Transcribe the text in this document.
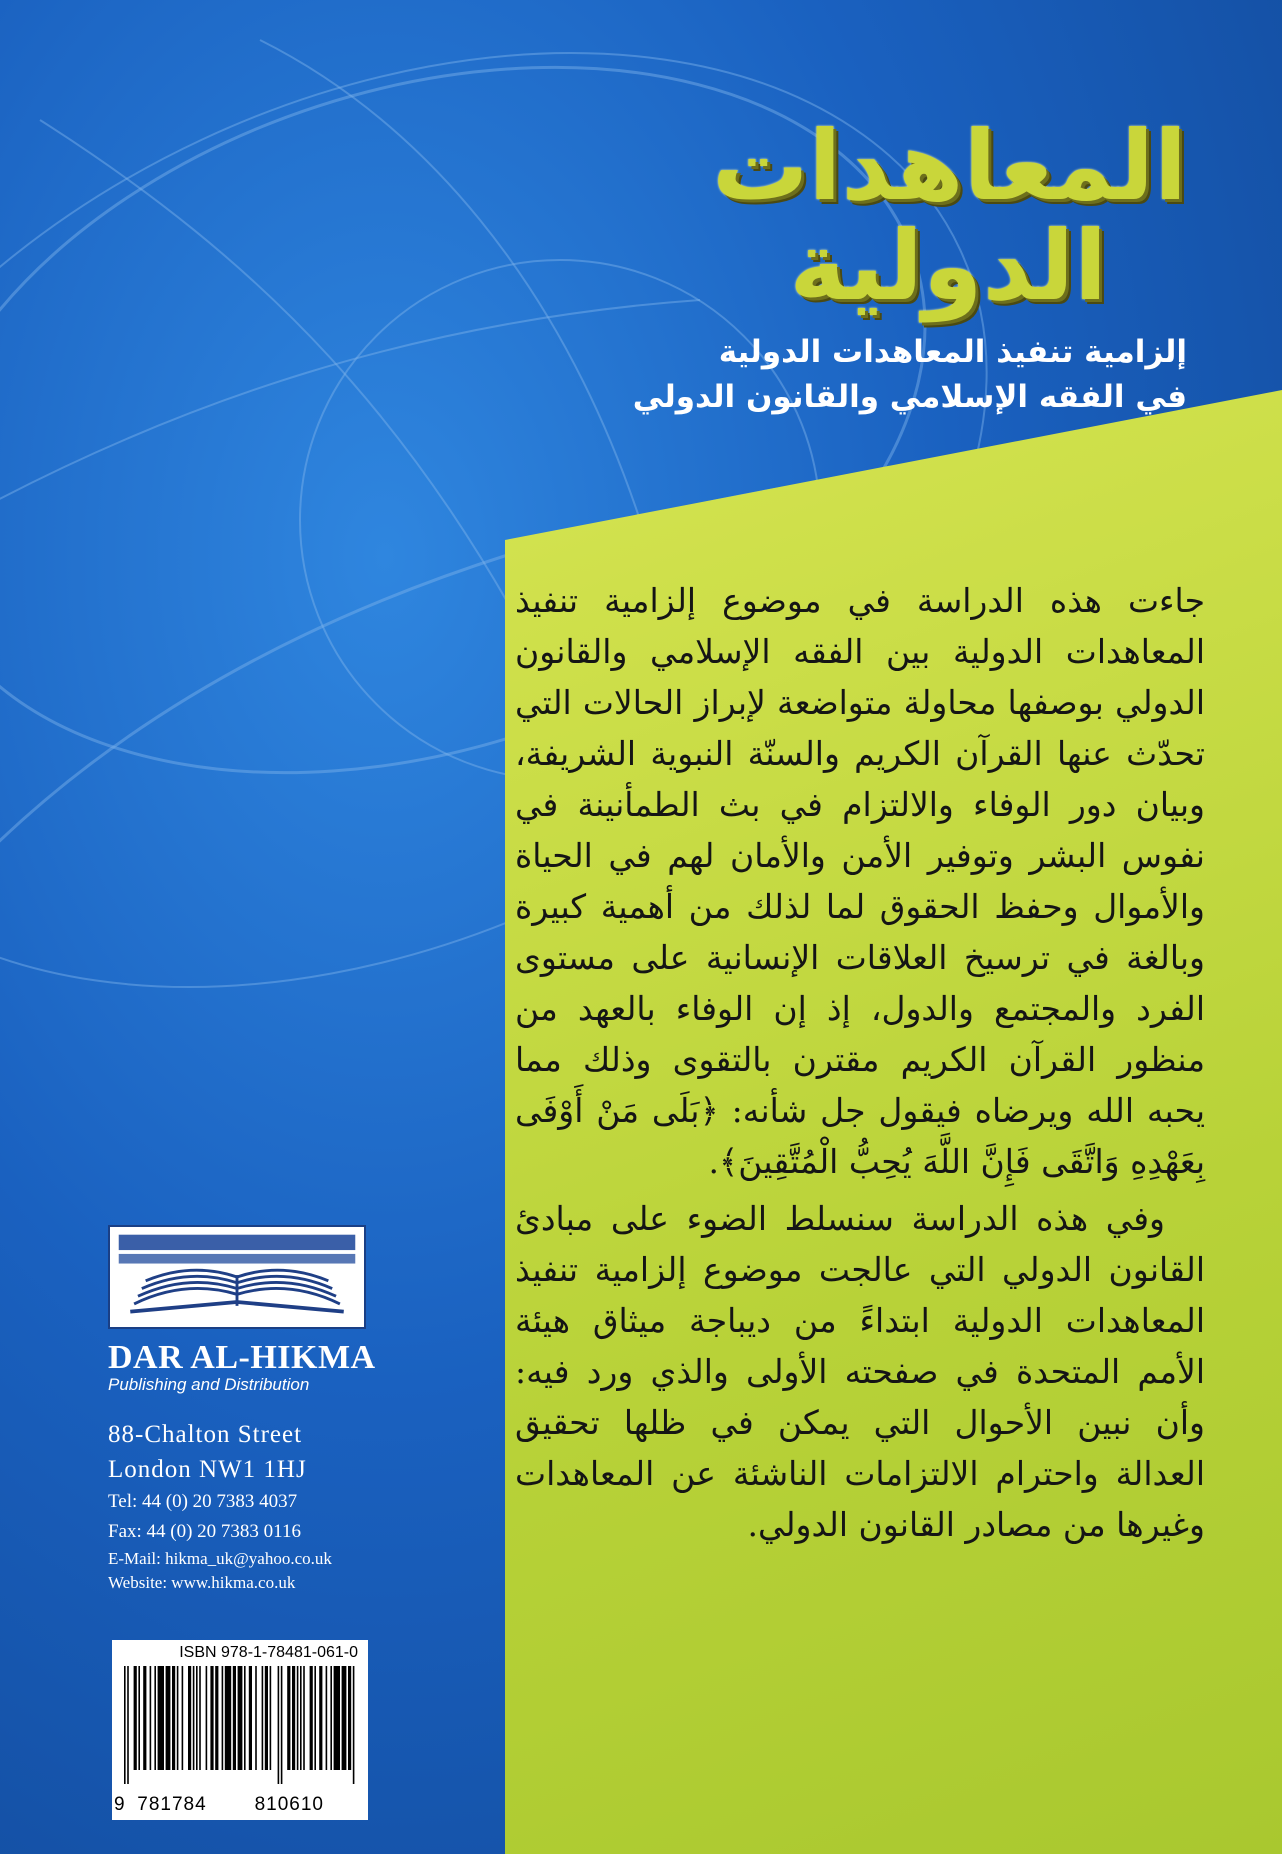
المعاهدات
الدولية
إلزامية تنفيذ المعاهدات الدولية
في الفقه الإسلامي والقانون الدولي

جاءت هذه الدراسة في موضوع إلزامية تنفيذ المعاهدات الدولية بين الفقه الإسلامي والقانون الدولي بوصفها محاولة متواضعة لإبراز الحالات التي تحدّث عنها القرآن الكريم والسنّة النبوية الشريفة، وبيان دور الوفاء والالتزام في بث الطمأنينة في نفوس البشر وتوفير الأمن والأمان لهم في الحياة والأموال وحفظ الحقوق لما لذلك من أهمية كبيرة وبالغة في ترسيخ العلاقات الإنسانية على مستوى الفرد والمجتمع والدول، إذ إن الوفاء بالعهد من منظور القرآن الكريم مقترن بالتقوى وذلك مما يحبه الله ويرضاه فيقول جل شأنه: ﴿بَلَى مَنْ أَوْفَى بِعَهْدِهِ وَاتَّقَى فَإِنَّ اللَّهَ يُحِبُّ الْمُتَّقِينَ﴾.

وفي هذه الدراسة سنسلط الضوء على مبادئ القانون الدولي التي عالجت موضوع إلزامية تنفيذ المعاهدات الدولية ابتداءً من ديباجة ميثاق هيئة الأمم المتحدة في صفحته الأولى والذي ورد فيه: وأن نبين الأحوال التي يمكن في ظلها تحقيق العدالة واحترام الالتزامات الناشئة عن المعاهدات وغيرها من مصادر القانون الدولي.

DAR AL-HIKMA
Publishing and Distribution
88-Chalton Street
London NW1 1HJ
Tel: 44 (0) 20 7383 4037
Fax: 44 (0) 20 7383 0116
E-Mail: hikma_uk@yahoo.co.uk
Website: www.hikma.co.uk
ISBN 978-1-78481-061-0
9 781784	810610
